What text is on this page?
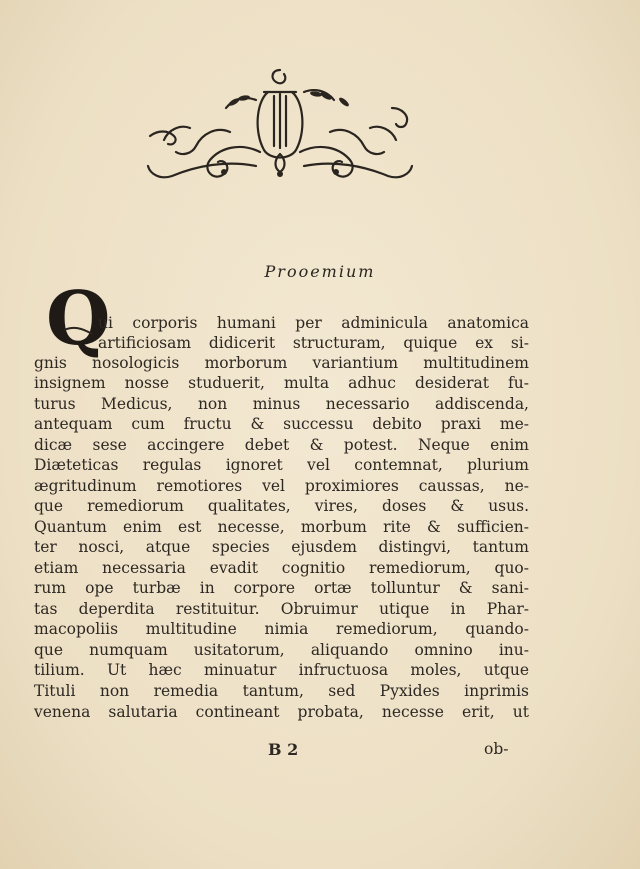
Prooemium
Q
ui corporis humani per adminicula anatomica
artificiosam didicerit structuram, quique ex si-
gnis nosologicis morborum variantium multitudinem
insignem nosse studuerit, multa adhuc desiderat fu-
turus Medicus, non minus necessario addiscenda,
antequam cum fructu & successu debito praxi me-
dicæ sese accingere debet & potest. Neque enim
Diæteticas regulas ignoret vel contemnat, plurium
ægritudinum remotiores vel proximiores caussas, ne-
que remediorum qualitates, vires, doses & usus.
Quantum enim est necesse, morbum rite & sufficien-
ter nosci, atque species ejusdem distingvi, tantum
etiam necessaria evadit cognitio remediorum, quo-
rum ope turbæ in corpore ortæ tolluntur & sani-
tas deperdita restituitur. Obruimur utique in Phar-
macopoliis multitudine nimia remediorum, quando-
que numquam usitatorum, aliquando omnino inu-
tilium. Ut hæc minuatur infructuosa moles, utque
Tituli non remedia tantum, sed Pyxides inprimis
venena salutaria contineant probata, necesse erit, ut
B 2	ob-
